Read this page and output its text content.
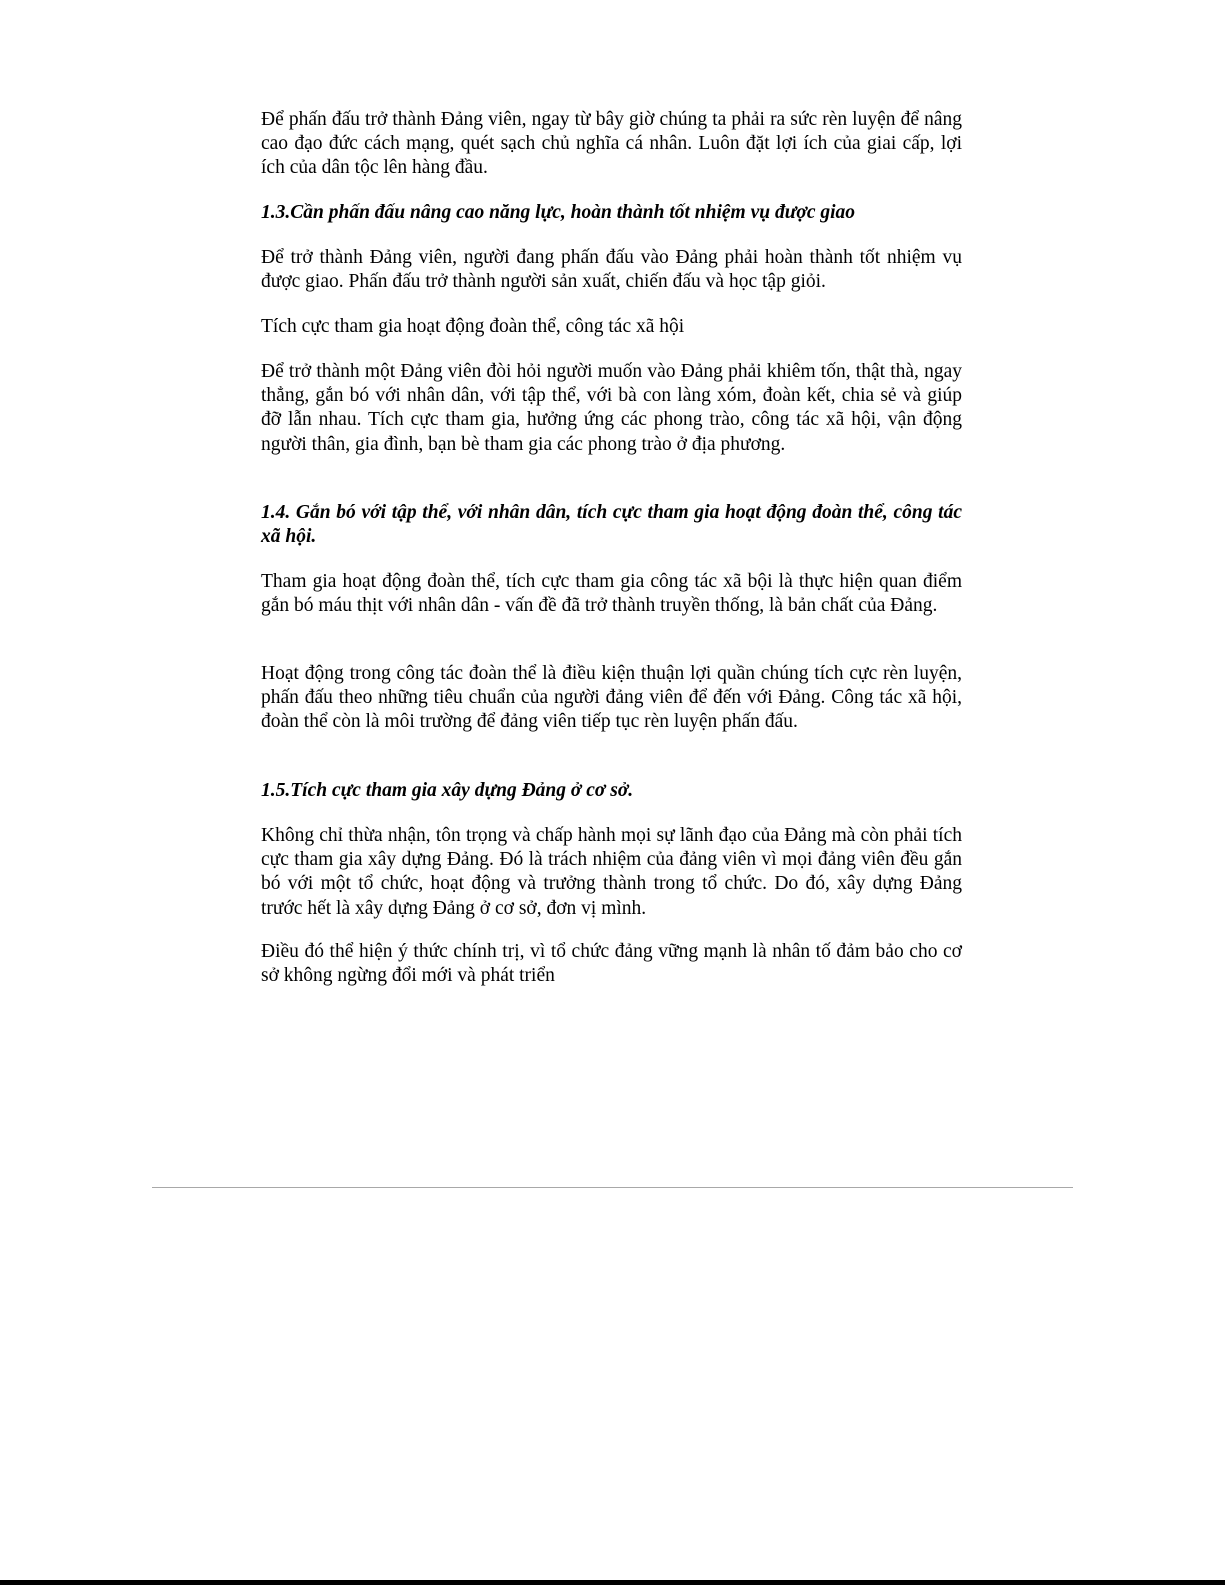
Để phấn đấu trở thành Đảng viên, ngay từ bây giờ chúng ta phải ra sức rèn luyện để nâng cao đạo đức cách mạng, quét sạch chủ nghĩa cá nhân. Luôn đặt lợi ích của giai cấp, lợi ích của dân tộc lên hàng đầu.

1.3.Cần phấn đấu nâng cao năng lực, hoàn thành tốt nhiệm vụ được giao

Để trở thành Đảng viên, người đang phấn đấu vào Đảng phải hoàn thành tốt nhiệm vụ được giao. Phấn đấu trở thành người sản xuất, chiến đấu và học tập giỏi.

Tích cực tham gia hoạt động đoàn thể, công tác xã hội

Để trở thành một Đảng viên đòi hỏi người muốn vào Đảng phải khiêm tốn, thật thà, ngay thẳng, gắn bó với nhân dân, với tập thể, với bà con làng xóm, đoàn kết, chia sẻ và giúp đỡ lẫn nhau. Tích cực tham gia, hưởng ứng các phong trào, công tác xã hội, vận động người thân, gia đình, bạn bè tham gia các phong trào ở địa phương.

1.4. Gắn bó với tập thể, với nhân dân, tích cực tham gia hoạt động đoàn thể, công tác xã hội.

Tham gia hoạt động đoàn thể, tích cực tham gia công tác xã bội là thực hiện quan điểm gắn bó máu thịt với nhân dân - vấn đề đã trở thành truyền thống, là bản chất của Đảng.

Hoạt động trong công tác đoàn thể là điều kiện thuận lợi quần chúng tích cực rèn luyện, phấn đấu theo những tiêu chuẩn của người đảng viên để đến với Đảng. Công tác xã hội, đoàn thể còn là môi trường để đảng viên tiếp tục rèn luyện phấn đấu.

1.5.Tích cực tham gia xây dựng Đảng ở cơ sở.

Không chỉ thừa nhận, tôn trọng và chấp hành mọi sự lãnh đạo của Đảng mà còn phải tích cực tham gia xây dựng Đảng. Đó là trách nhiệm của đảng viên vì mọi đảng viên đều gắn bó với một tổ chức, hoạt động và trưởng thành trong tổ chức. Do đó, xây dựng Đảng trước hết là xây dựng Đảng ở cơ sở, đơn vị mình.

Điều đó thể hiện ý thức chính trị, vì tổ chức đảng vững mạnh là nhân tố đảm bảo cho cơ sở không ngừng đổi mới và phát triển
